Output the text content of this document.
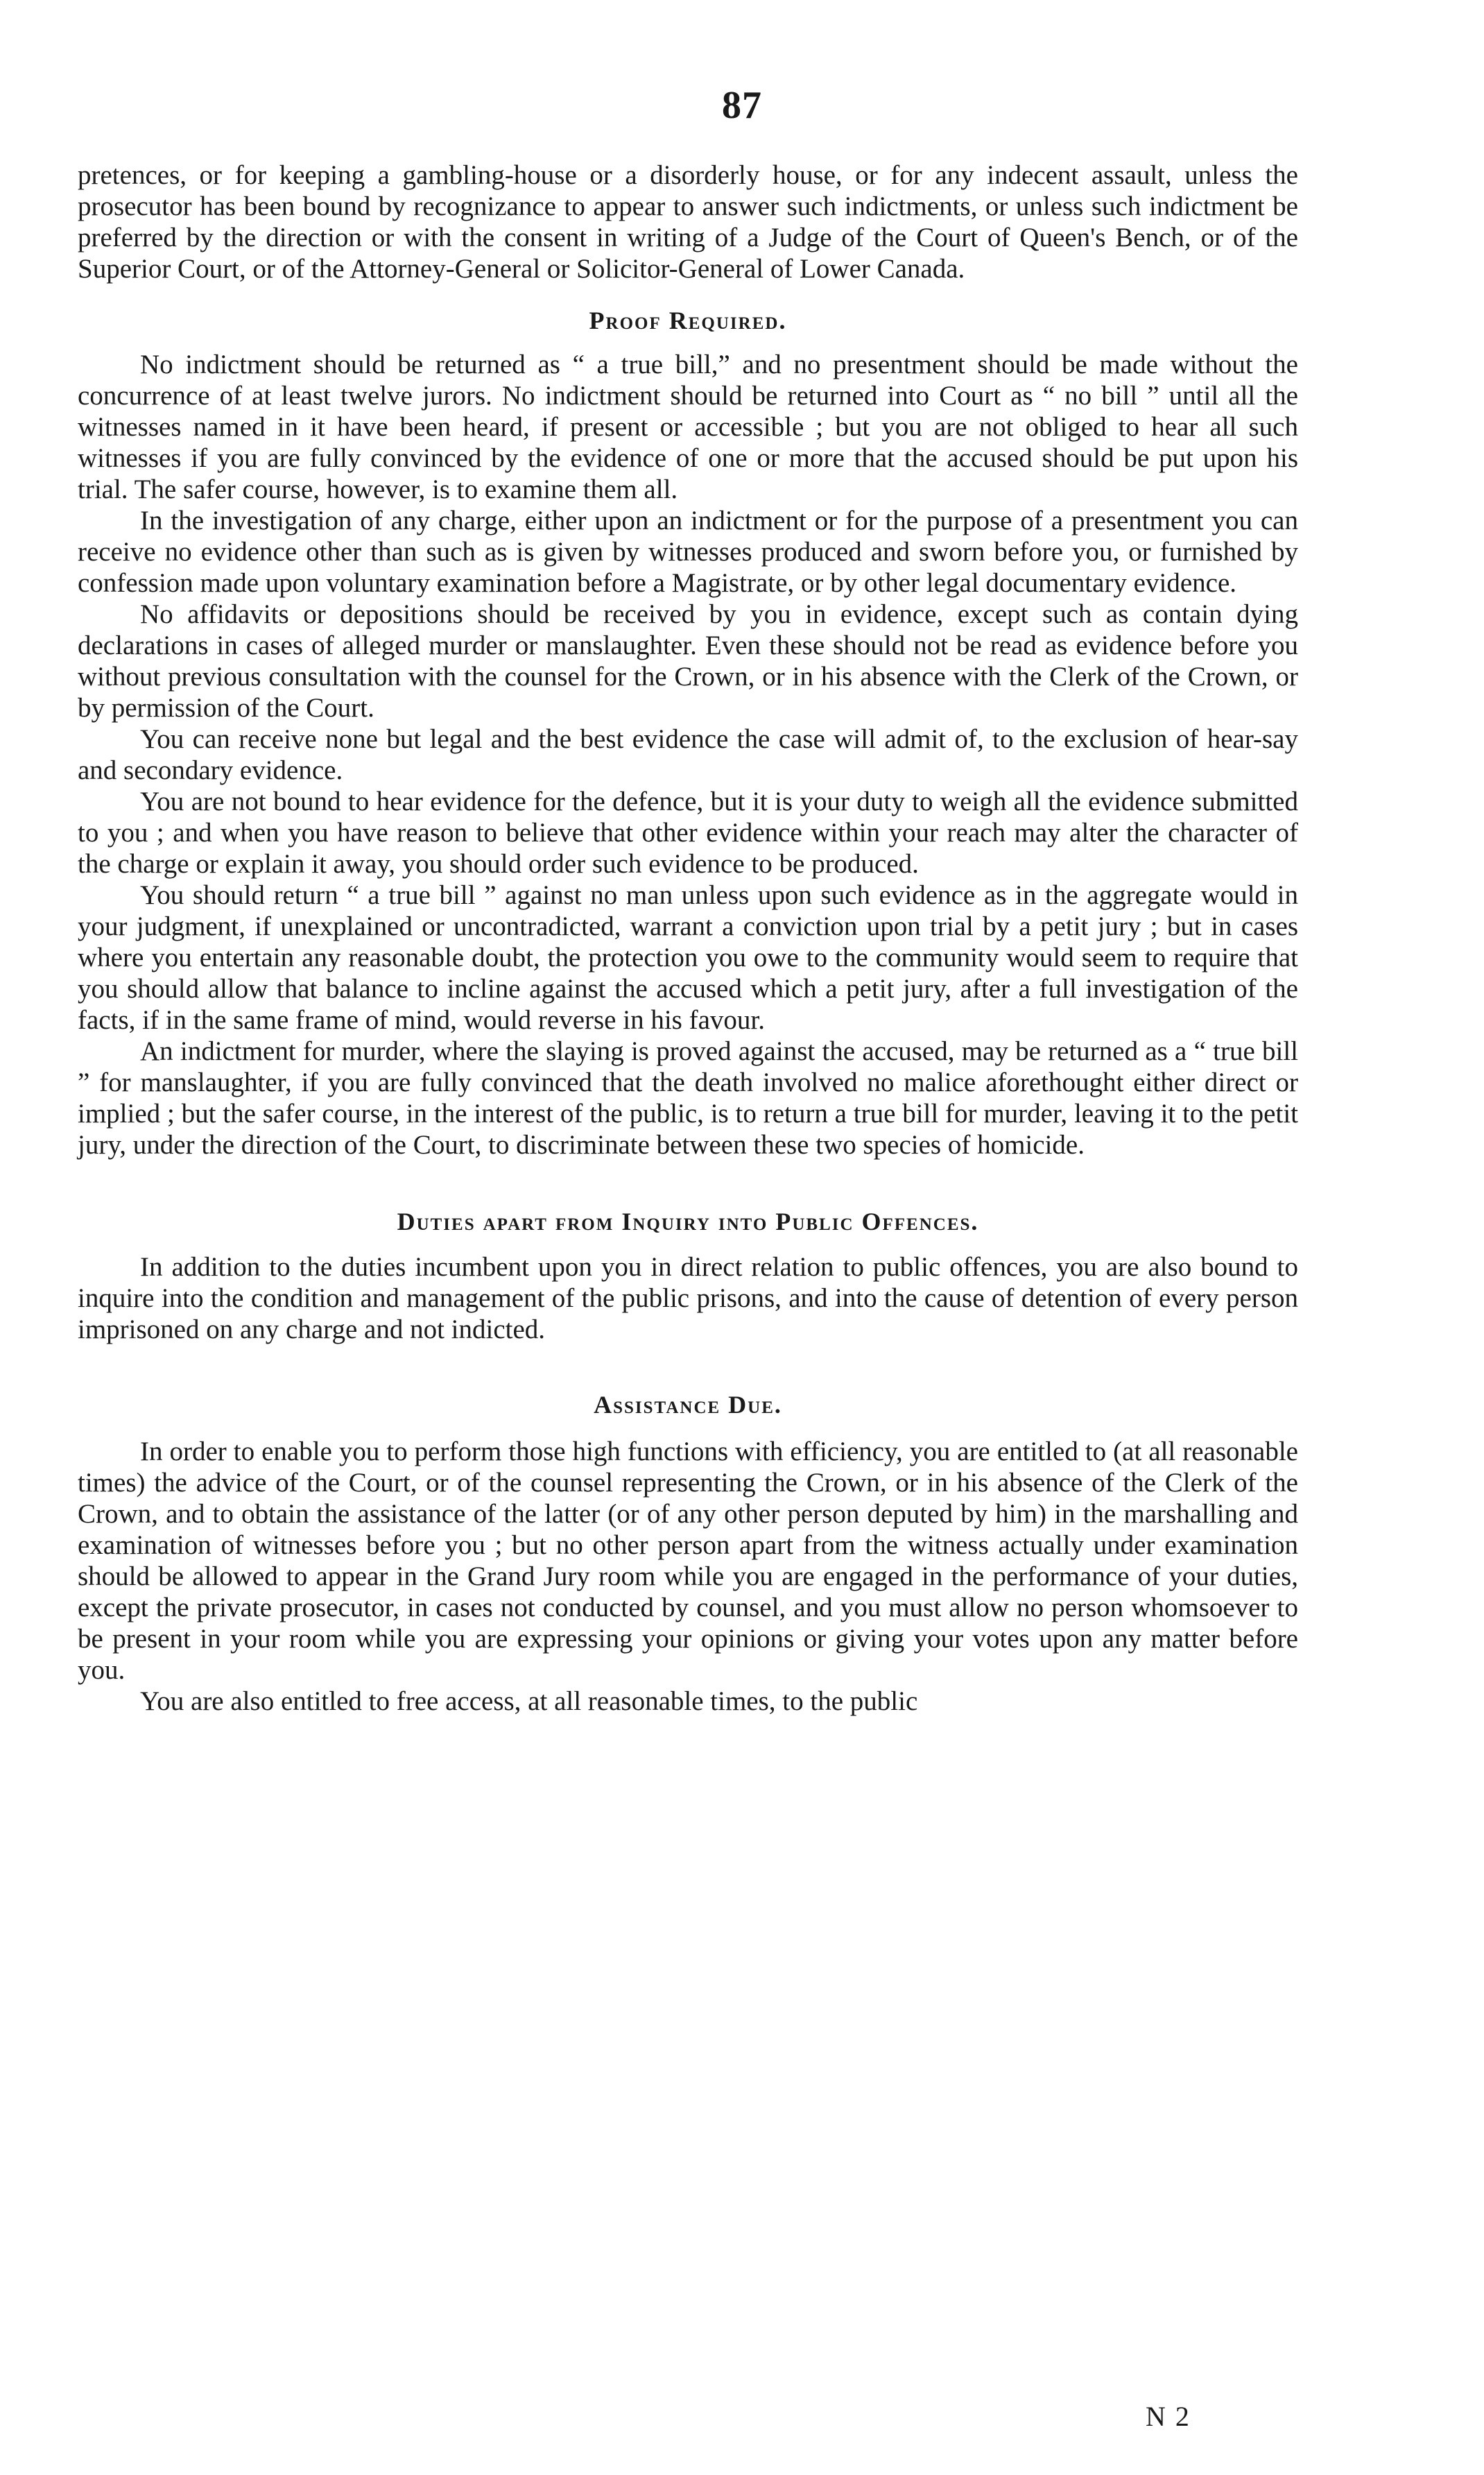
87

pretences, or for keeping a gambling-house or a disorderly house, or for any indecent assault, unless the prosecutor has been bound by recognizance to appear to answer such indictments, or unless such indictment be preferred by the direction or with the consent in writing of a Judge of the Court of Queen's Bench, or of the Superior Court, or of the Attorney-General or Solicitor-General of Lower Canada.

Proof Required.

No indictment should be returned as “ a true bill,” and no presentment should be made without the concurrence of at least twelve jurors. No indictment should be returned into Court as “ no bill ” until all the witnesses named in it have been heard, if present or accessible ; but you are not obliged to hear all such witnesses if you are fully convinced by the evidence of one or more that the accused should be put upon his trial. The safer course, however, is to examine them all.

In the investigation of any charge, either upon an indictment or for the purpose of a presentment you can receive no evidence other than such as is given by witnesses produced and sworn before you, or furnished by confession made upon voluntary examination before a Magistrate, or by other legal documentary evidence.

No affidavits or depositions should be received by you in evidence, except such as contain dying declarations in cases of alleged murder or manslaughter. Even these should not be read as evidence before you without previous consultation with the counsel for the Crown, or in his absence with the Clerk of the Crown, or by permission of the Court.

You can receive none but legal and the best evidence the case will admit of, to the exclusion of hear-say and secondary evidence.

You are not bound to hear evidence for the defence, but it is your duty to weigh all the evidence submitted to you ; and when you have reason to believe that other evidence within your reach may alter the character of the charge or explain it away, you should order such evidence to be produced.

You should return “ a true bill ” against no man unless upon such evidence as in the aggregate would in your judgment, if unexplained or uncontradicted, warrant a conviction upon trial by a petit jury ; but in cases where you entertain any reasonable doubt, the protection you owe to the community would seem to require that you should allow that balance to incline against the accused which a petit jury, after a full investigation of the facts, if in the same frame of mind, would reverse in his favour.

An indictment for murder, where the slaying is proved against the accused, may be returned as a “ true bill ” for manslaughter, if you are fully convinced that the death involved no malice aforethought either direct or implied ; but the safer course, in the interest of the public, is to return a true bill for murder, leaving it to the petit jury, under the direction of the Court, to discriminate between these two species of homicide.

Duties apart from Inquiry into Public Offences.

In addition to the duties incumbent upon you in direct relation to public offences, you are also bound to inquire into the condition and management of the public prisons, and into the cause of detention of every person imprisoned on any charge and not indicted.

Assistance Due.

In order to enable you to perform those high functions with efficiency, you are entitled to (at all reasonable times) the advice of the Court, or of the counsel representing the Crown, or in his absence of the Clerk of the Crown, and to obtain the assistance of the latter (or of any other person deputed by him) in the marshalling and examination of witnesses before you ; but no other person apart from the witness actually under examination should be allowed to appear in the Grand Jury room while you are engaged in the performance of your duties, except the private prosecutor, in cases not conducted by counsel, and you must allow no person whomsoever to be present in your room while you are expressing your opinions or giving your votes upon any matter before you.

You are also entitled to free access, at all reasonable times, to the public

N 2
